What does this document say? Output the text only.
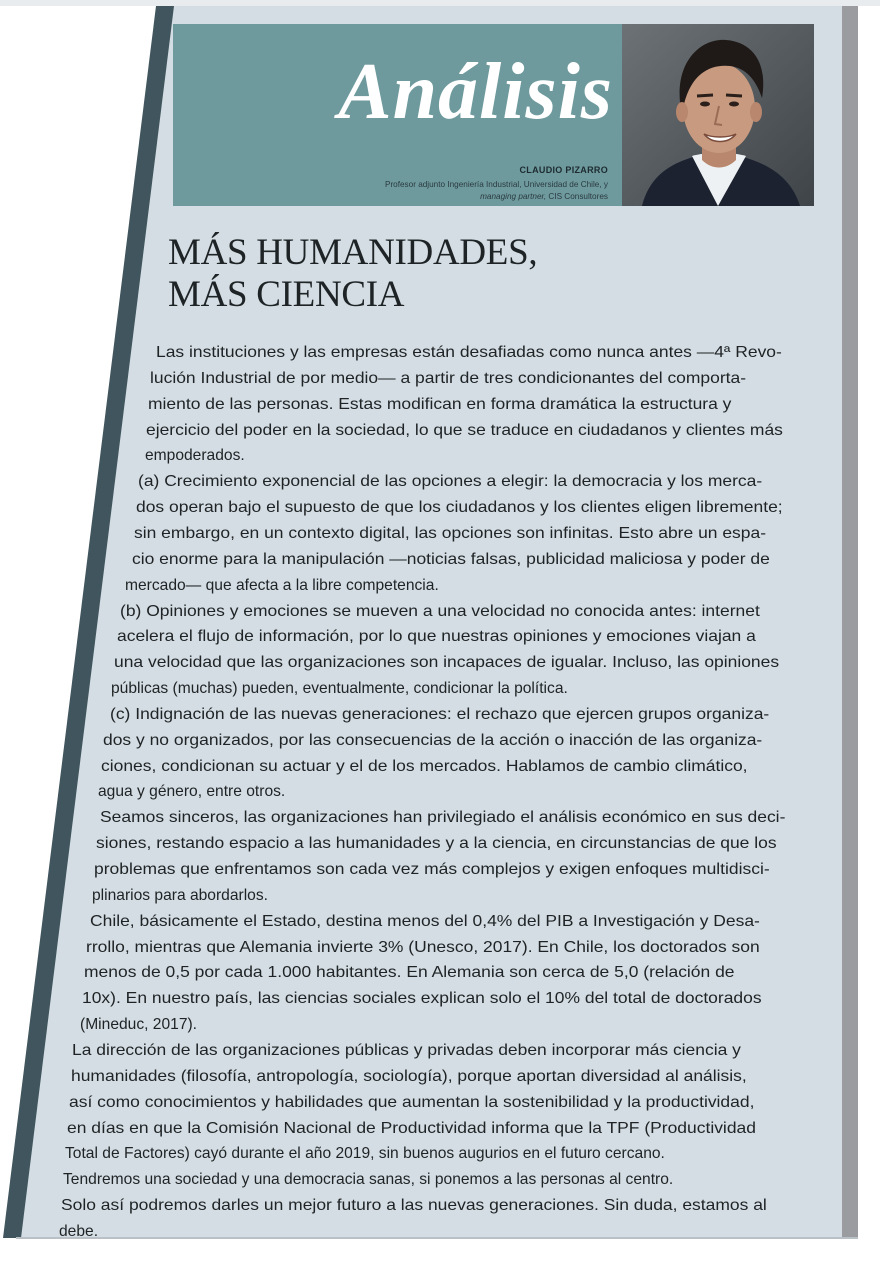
Análisis
CLAUDIO PIZARRO
Profesor adjunto Ingeniería Industrial, Universidad de Chile, y
managing partner, CIS Consultores
MÁS HUMANIDADES,
MÁS CIENCIA
Las instituciones y las empresas están desafiadas como nunca antes —4ª Revo-
lución Industrial de por medio— a partir de tres condicionantes del comporta-
miento de las personas. Estas modifican en forma dramática la estructura y
ejercicio del poder en la sociedad, lo que se traduce en ciudadanos y clientes más
empoderados.
(a) Crecimiento exponencial de las opciones a elegir: la democracia y los merca-
dos operan bajo el supuesto de que los ciudadanos y los clientes eligen libremente;
sin embargo, en un contexto digital, las opciones son infinitas. Esto abre un espa-
cio enorme para la manipulación —noticias falsas, publicidad maliciosa y poder de
mercado— que afecta a la libre competencia.
(b) Opiniones y emociones se mueven a una velocidad no conocida antes: internet
acelera el flujo de información, por lo que nuestras opiniones y emociones viajan a
una velocidad que las organizaciones son incapaces de igualar. Incluso, las opiniones
públicas (muchas) pueden, eventualmente, condicionar la política.
(c) Indignación de las nuevas generaciones: el rechazo que ejercen grupos organiza-
dos y no organizados, por las consecuencias de la acción o inacción de las organiza-
ciones, condicionan su actuar y el de los mercados. Hablamos de cambio climático,
agua y género, entre otros.
Seamos sinceros, las organizaciones han privilegiado el análisis económico en sus deci-
siones, restando espacio a las humanidades y a la ciencia, en circunstancias de que los
problemas que enfrentamos son cada vez más complejos y exigen enfoques multidisci-
plinarios para abordarlos.
Chile, básicamente el Estado, destina menos del 0,4% del PIB a Investigación y Desa-
rrollo, mientras que Alemania invierte 3% (Unesco, 2017). En Chile, los doctorados son
menos de 0,5 por cada 1.000 habitantes. En Alemania son cerca de 5,0 (relación de
10x). En nuestro país, las ciencias sociales explican solo el 10% del total de doctorados
(Mineduc, 2017).
La dirección de las organizaciones públicas y privadas deben incorporar más ciencia y
humanidades (filosofía, antropología, sociología), porque aportan diversidad al análisis,
así como conocimientos y habilidades que aumentan la sostenibilidad y la productividad,
en días en que la Comisión Nacional de Productividad informa que la TPF (Productividad
Total de Factores) cayó durante el año 2019, sin buenos augurios en el futuro cercano.
Tendremos una sociedad y una democracia sanas, si ponemos a las personas al centro.
Solo así podremos darles un mejor futuro a las nuevas generaciones. Sin duda, estamos al
debe.
